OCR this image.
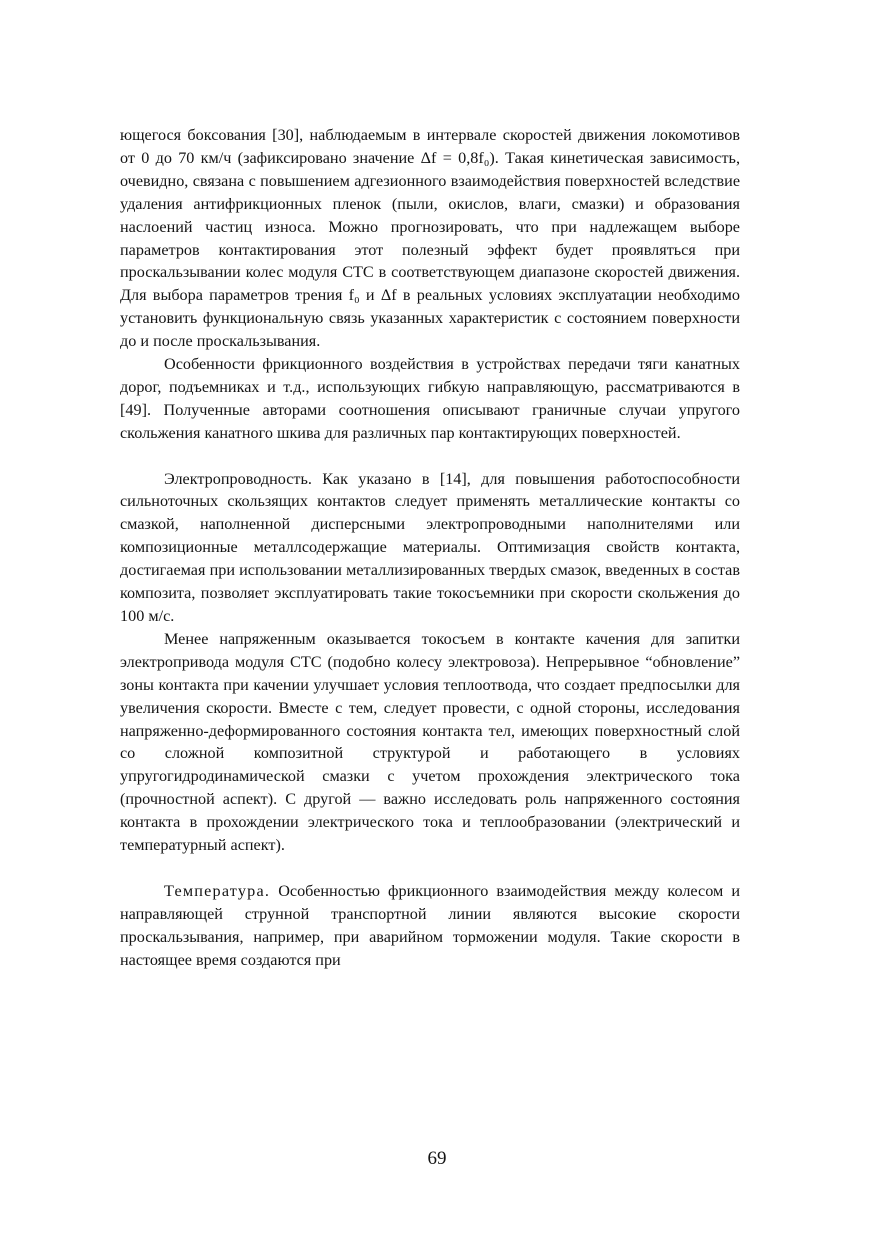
ющегося боксования [30], наблюдаемым в интервале скоростей движения локомотивов от 0 до 70 км/ч (зафиксировано значение Δf = 0,8f₀). Такая кинетическая зависимость, очевидно, связана с повышением адгезионного взаимодействия поверхностей вследствие удаления антифрикционных пленок (пыли, окислов, влаги, смазки) и образования наслоений частиц износа. Можно прогнозировать, что при надлежащем выборе параметров контактирования этот полезный эффект будет проявляться при проскальзывании колес модуля СТС в соответствующем диапазоне скоростей движения. Для выбора параметров трения f₀ и Δf в реальных условиях эксплуатации необходимо установить функциональную связь указанных характеристик с состоянием поверхности до и после проскальзывания.

Особенности фрикционного воздействия в устройствах передачи тяги канатных дорог, подъемниках и т.д., использующих гибкую направляющую, рассматриваются в [49]. Полученные авторами соотношения описывают граничные случаи упругого скольжения канатного шкива для различных пар контактирующих поверхностей.

Электропроводность. Как указано в [14], для повышения работоспособности сильноточных скользящих контактов следует применять металлические контакты со смазкой, наполненной дисперсными электропроводными наполнителями или композиционные металлсодержащие материалы. Оптимизация свойств контакта, достигаемая при использовании металлизированных твердых смазок, введенных в состав композита, позволяет эксплуатировать такие токосъемники при скорости скольжения до 100 м/с.

Менее напряженным оказывается токосъем в контакте качения для запитки электропривода модуля СТС (подобно колесу электровоза). Непрерывное “обновление” зоны контакта при качении улучшает условия теплоотвода, что создает предпосылки для увеличения скорости. Вместе с тем, следует провести, с одной стороны, исследования напряженно-деформированного состояния контакта тел, имеющих поверхностный слой со сложной композитной структурой и работающего в условиях упругогидродинамической смазки с учетом прохождения электрического тока (прочностной аспект). С другой — важно исследовать роль напряженного состояния контакта в прохождении электрического тока и теплообразовании (электрический и температурный аспект).

Температура. Особенностью фрикционного взаимодействия между колесом и направляющей струнной транспортной линии являются высокие скорости проскальзывания, например, при аварийном торможении модуля. Такие скорости в настоящее время создаются при

69
